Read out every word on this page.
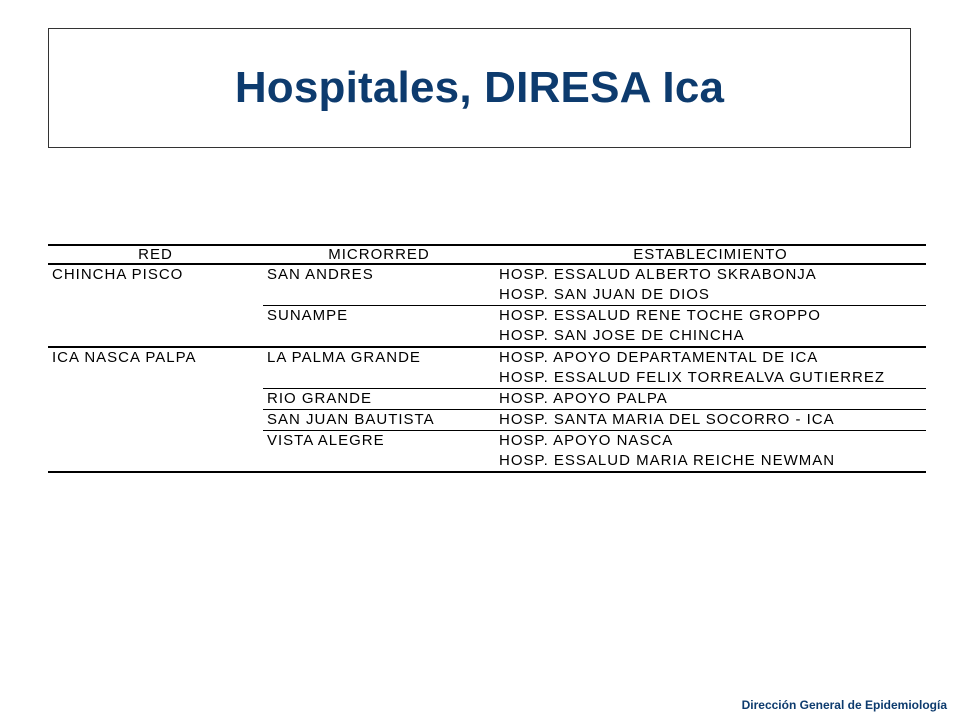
Hospitales, DIRESA Ica
RED	MICRORRED	ESTABLECIMIENTO
CHINCHA PISCO	SAN ANDRES	HOSP. ESSALUD ALBERTO SKRABONJA
		HOSP. SAN JUAN DE DIOS
	SUNAMPE	HOSP. ESSALUD RENE TOCHE GROPPO
		HOSP. SAN JOSE DE CHINCHA
ICA NASCA PALPA	LA PALMA GRANDE	HOSP. APOYO DEPARTAMENTAL DE ICA
		HOSP. ESSALUD FELIX TORREALVA GUTIERREZ
	RIO GRANDE	HOSP. APOYO PALPA
	SAN JUAN BAUTISTA	HOSP. SANTA MARIA DEL SOCORRO - ICA
	VISTA ALEGRE	HOSP. APOYO NASCA
		HOSP. ESSALUD MARIA REICHE NEWMAN
Dirección General de Epidemiología
